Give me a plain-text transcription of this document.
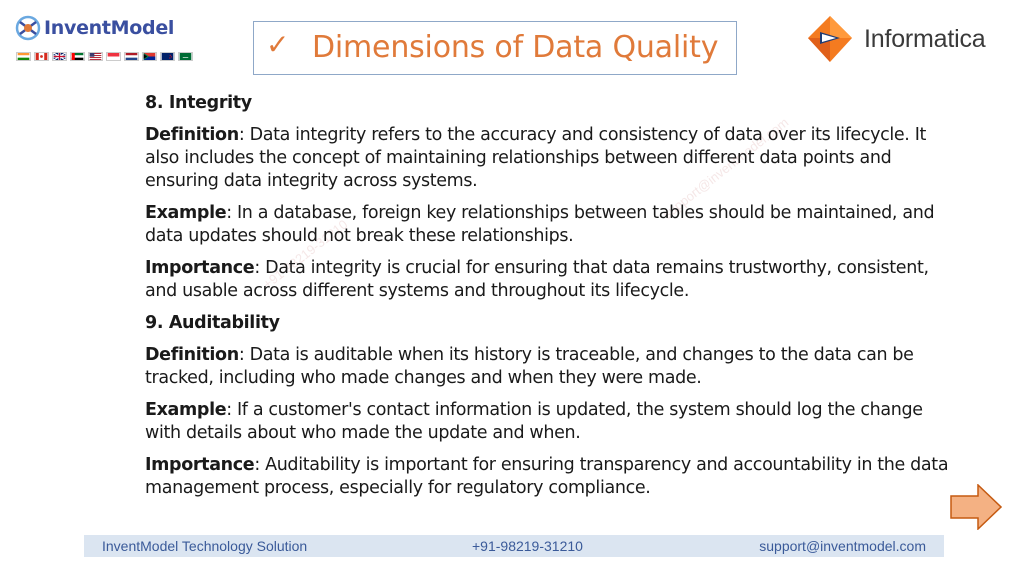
InventModel	✓ Dimensions of Data Quality	Informatica
+91-98219-31210
support@inventmodel.com
8. Integrity
Definition: Data integrity refers to the accuracy and consistency of data over its lifecycle. It also includes the concept of maintaining relationships between different data points and ensuring data integrity across systems.
Example: In a database, foreign key relationships between tables should be maintained, and data updates should not break these relationships.
Importance: Data integrity is crucial for ensuring that data remains trustworthy, consistent, and usable across different systems and throughout its lifecycle.
9. Auditability
Definition: Data is auditable when its history is traceable, and changes to the data can be tracked, including who made changes and when they were made.
Example: If a customer's contact information is updated, the system should log the change with details about who made the update and when.
Importance: Auditability is important for ensuring transparency and accountability in the data management process, especially for regulatory compliance.
InventModel Technology Solution	+91-98219-31210	support@inventmodel.com
